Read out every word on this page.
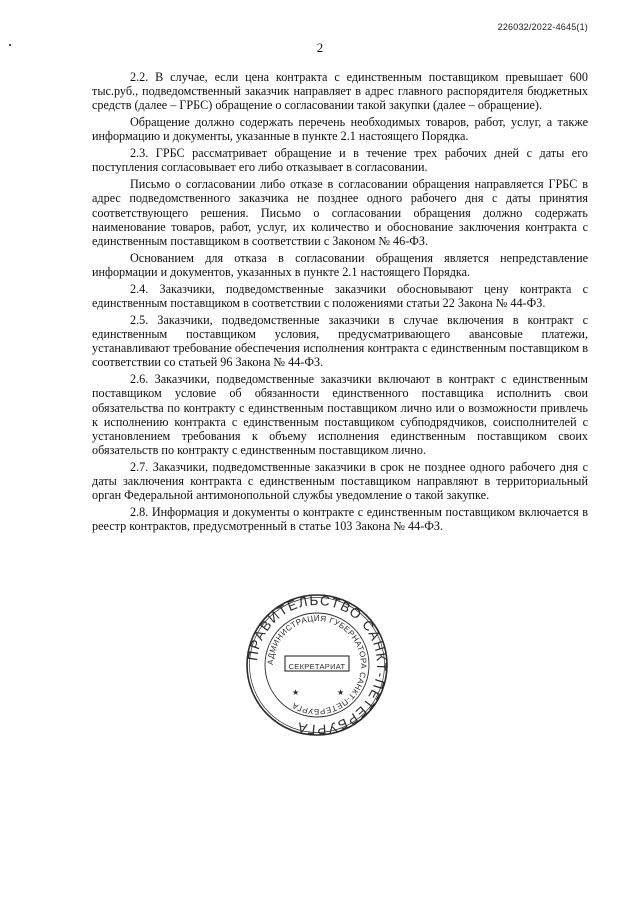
226032/2022-4645(1)
2

2.2. В случае, если цена контракта с единственным поставщиком превышает 600 тыс.руб., подведомственный заказчик направляет в адрес главного распорядителя бюджетных средств (далее – ГРБС) обращение о согласовании такой закупки (далее – обращение).

Обращение должно содержать перечень необходимых товаров, работ, услуг, а также информацию и документы, указанные в пункте 2.1 настоящего Порядка.

2.3. ГРБС рассматривает обращение и в течение трех рабочих дней с даты его поступления согласовывает его либо отказывает в согласовании.

Письмо о согласовании либо отказе в согласовании обращения направляется ГРБС в адрес подведомственного заказчика не позднее одного рабочего дня с даты принятия соответствующего решения. Письмо о согласовании обращения должно содержать наименование товаров, работ, услуг, их количество и обоснование заключения контракта с единственным поставщиком в соответствии с Законом № 46-ФЗ.

Основанием для отказа в согласовании обращения является непредставление информации и документов, указанных в пункте 2.1 настоящего Порядка.

2.4. Заказчики, подведомственные заказчики обосновывают цену контракта с единственным поставщиком в соответствии с положениями статьи 22 Закона № 44-ФЗ.

2.5. Заказчики, подведомственные заказчики в случае включения в контракт с единственным поставщиком условия, предусматривающего авансовые платежи, устанавливают требование обеспечения исполнения контракта с единственным поставщиком в соответствии со статьей 96 Закона № 44-ФЗ.

2.6. Заказчики, подведомственные заказчики включают в контракт с единственным поставщиком условие об обязанности единственного поставщика исполнить свои обязательства по контракту с единственным поставщиком лично или о возможности привлечь к исполнению контракта с единственным поставщиком субподрядчиков, соисполнителей с установлением требования к объему исполнения единственным поставщиком своих обязательств по контракту с единственным поставщиком лично.

2.7. Заказчики, подведомственные заказчики в срок не позднее одного рабочего дня с даты заключения контракта с единственным поставщиком направляют в территориальный орган Федеральной антимонопольной службы уведомление о такой закупке.

2.8. Информация и документы о контракте с единственным поставщиком включается в реестр контрактов, предусмотренный в статье 103 Закона № 44-ФЗ.

ПРАВИТЕЛЬСТВО САНКТ-ПЕТЕРБУРГА
АДМИНИСТРАЦИЯ ГУБЕРНАТОРА САНКТ-ПЕТЕРБУРГА
СЕКРЕТАРИАТ
★	★
